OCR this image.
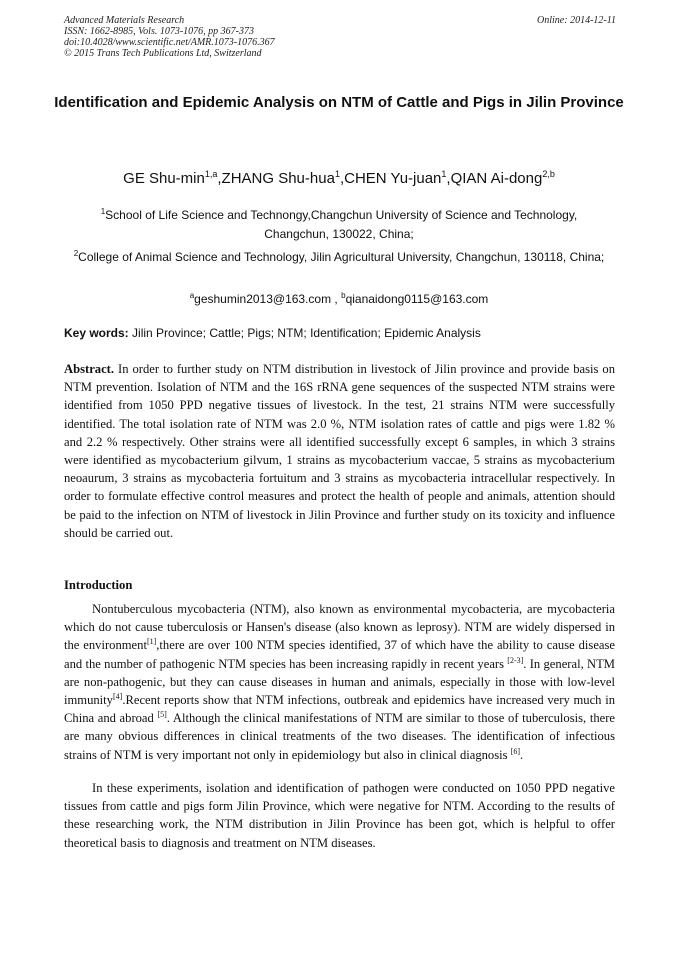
Advanced Materials Research
ISSN: 1662-8985, Vols. 1073-1076, pp 367-373
doi:10.4028/www.scientific.net/AMR.1073-1076.367
© 2015 Trans Tech Publications Ltd, Switzerland
Online: 2014-12-11
Identification and Epidemic Analysis on NTM of Cattle and Pigs in Jilin Province
GE Shu-$\min^{1,a},ZHANG$ Shu-hua$^1$,CHEN Yu-juan$^1$,QIAN Ai-dong$^{2,b}$
$^1$School of Life Science and Technongy,Changchun University of Science and Technology, Changchun, 130022, China;
$^2$College of Animal Science and Technology, Jilin Agricultural University, Changchun, 130118, China;
$^a$geshumin2013@163.com , $^b$qianaidong0115@163.com
Key words: Jilin Province; Cattle; Pigs; NTM; Identification; Epidemic Analysis

Abstract. In order to further study on NTM distribution in livestock of Jilin province and provide basis on NTM prevention. Isolation of NTM and the 16S rRNA gene sequences of the suspected NTM strains were identified from 1050 PPD negative tissues of livestock. In the test, 21 strains NTM were successfully identified. The total isolation rate of NTM was 2.0 %, NTM isolation rates of cattle and pigs were 1.82 % and 2.2 % respectively. Other strains were all identified successfully except 6 samples, in which 3 strains were identified as mycobacterium gilvum, 1 strains as mycobacterium vaccae, 5 strains as mycobacterium neoaurum, 3 strains as mycobacteria fortuitum and 3 strains as mycobacteria intracellular respectively. In order to formulate effective control measures and protect the health of people and animals, attention should be paid to the infection on NTM of livestock in Jilin Province and further study on its toxicity and influence should be carried out.

Introduction

Nontuberculous mycobacteria (NTM), also known as environmental mycobacteria, are mycobacteria which do not cause tuberculosis or Hansen's disease (also known as leprosy). NTM are widely dispersed in the environment[1],there are over 100 NTM species identified, 37 of which have the ability to cause disease and the number of pathogenic NTM species has been increasing rapidly in recent years [2-3]. In general, NTM are non-pathogenic, but they can cause diseases in human and animals, especially in those with low-level immunity[4].Recent reports show that NTM infections, outbreak and epidemics have increased very much in China and abroad [5]. Although the clinical manifestations of NTM are similar to those of tuberculosis, there are many obvious differences in clinical treatments of the two diseases. The identification of infectious strains of NTM is very important not only in epidemiology but also in clinical diagnosis [6].

In these experiments, isolation and identification of pathogen were conducted on 1050 PPD negative tissues from cattle and pigs form Jilin Province, which were negative for NTM. According to the results of these researching work, the NTM distribution in Jilin Province has been got, which is helpful to offer theoretical basis to diagnosis and treatment on NTM diseases.
